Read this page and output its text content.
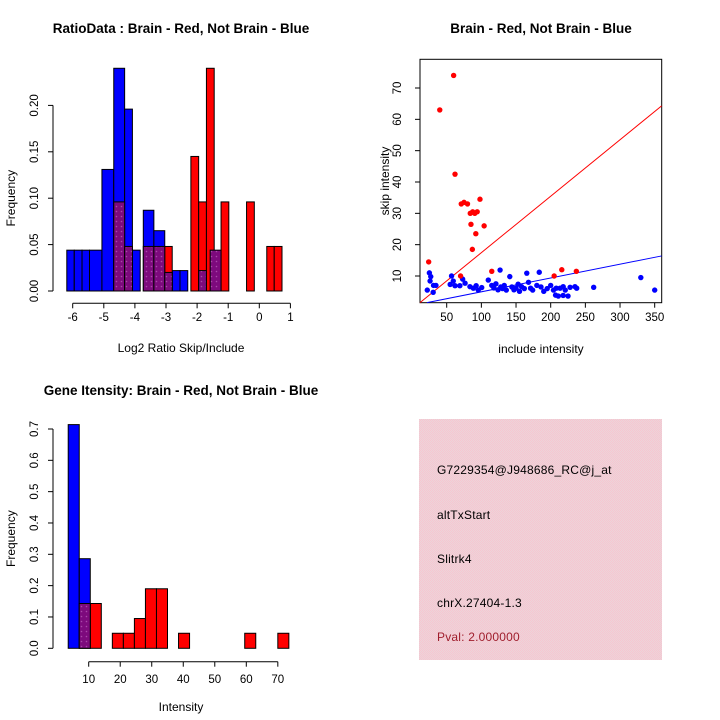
-6 -5 -4 -3 -2 -1 0 1
0.00
0.05
0.10
0.15
0.20
RatioData : Brain - Red, Not Brain - Blue
Log2 Ratio Skip/Include
Frequency
50 100 150 200 250 300 350
10
20
30
40
50
60
70
Brain - Red, Not Brain - Blue
include intensity
skip intensity
10 20 30 40 50 60 70
0.0
0.1
0.2
0.3
0.4
0.5
0.6
0.7
Gene Itensity: Brain - Red, Not Brain - Blue
Intensity
Frequency
G7229354@J948686_RC@j_at
altTxStart
Slitrk4
chrX.27404-1.3
Pval: 2.000000
